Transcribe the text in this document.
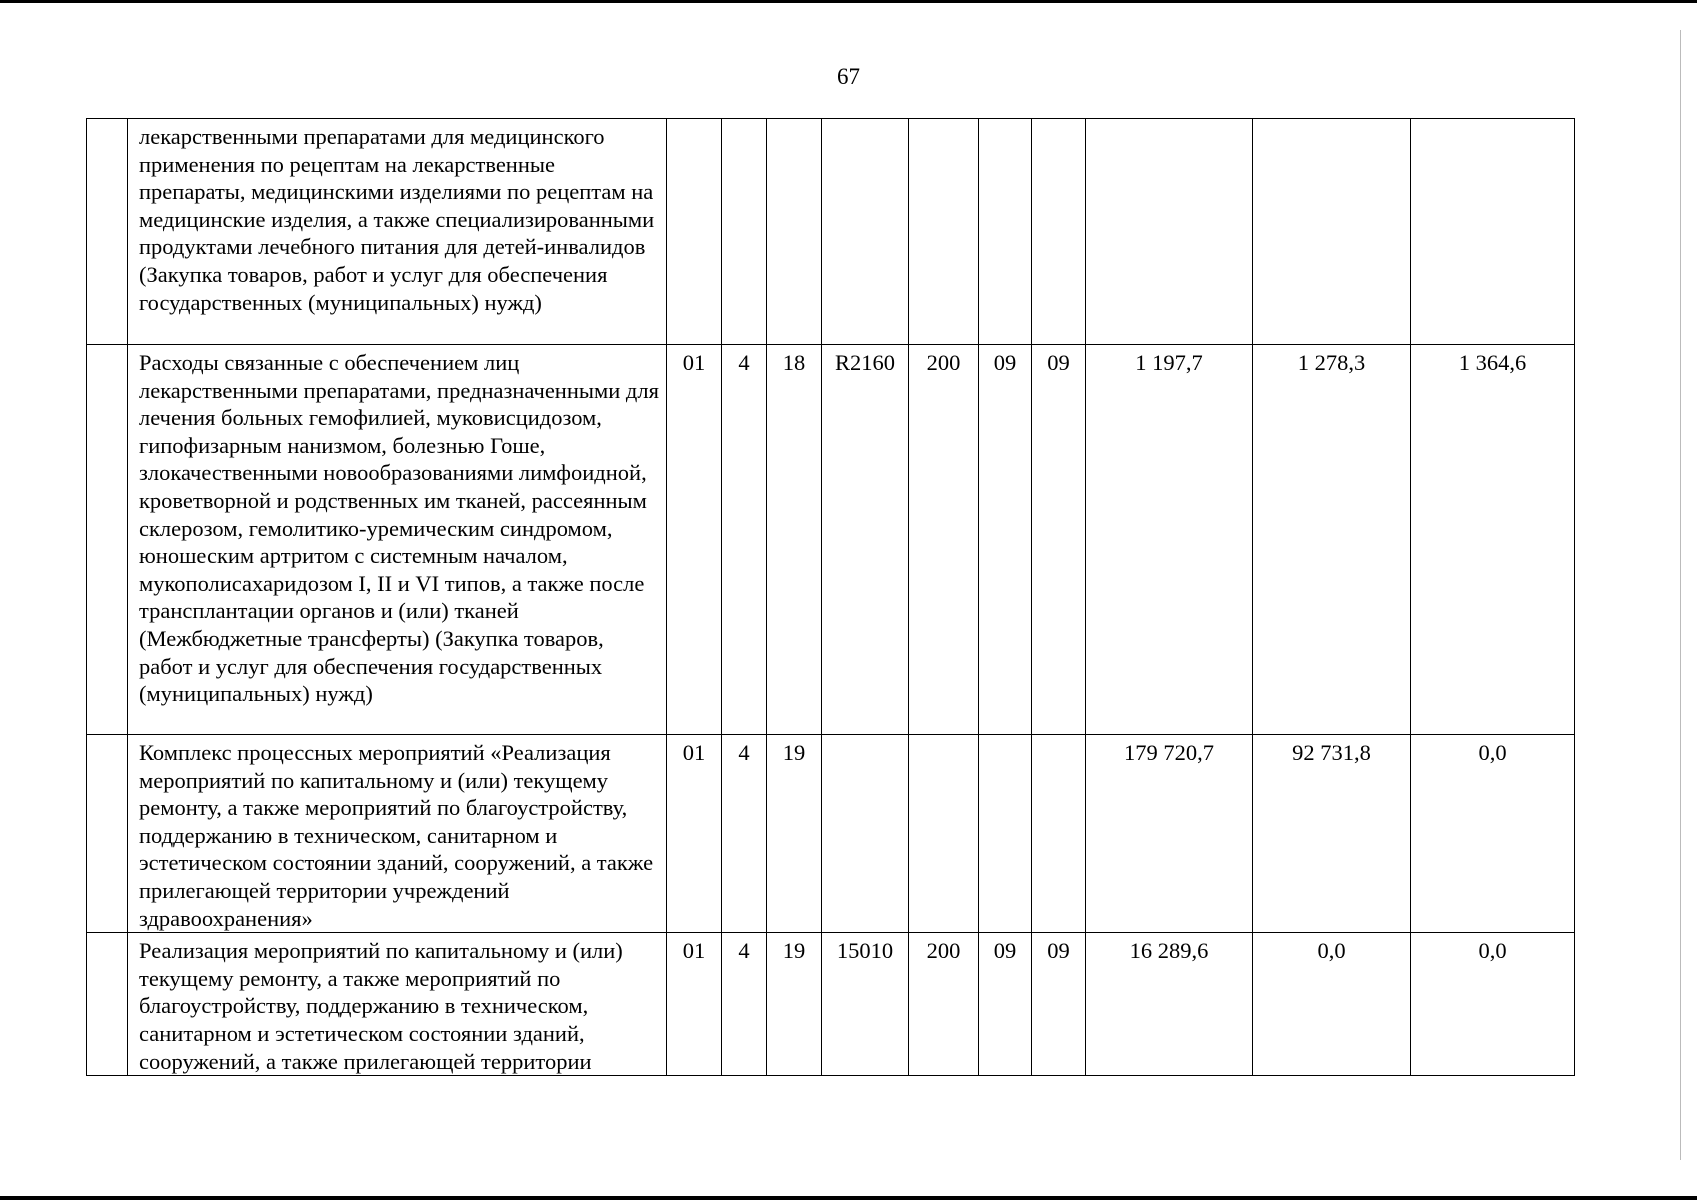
67
	лекарственными препаратами для медицинского применения по рецептам на лекарственные препараты, медицинскими изделиями по рецептам на медицинские изделия, а также специализированными продуктами лечебного питания для детей-инвалидов (Закупка товаров, работ и услуг для обеспечения государственных (муниципальных) нужд)										
	Расходы связанные с обеспечением лиц лекарственными препаратами, предназначенными для лечения больных гемофилией, муковисцидозом, гипофизарным нанизмом, болезнью Гоше, злокачественными новообразованиями лимфоидной, кроветворной и родственных им тканей, рассеянным склерозом, гемолитико-уремическим синдромом, юношеским артритом с системным началом, мукополисахаридозом I, II и VI типов, а также после трансплантации органов и (или) тканей (Межбюджетные трансферты) (Закупка товаров, работ и услуг для обеспечения государственных (муниципальных) нужд)	01	4	18	R2160	200	09	09	1 197,7	1 278,3	1 364,6
	Комплекс процессных мероприятий «Реализация мероприятий по капитальному и (или) текущему ремонту, а также мероприятий по благоустройству, поддержанию в техническом, санитарном и эстетическом состоянии зданий, сооружений, а также прилегающей территории учреждений здравоохранения»	01	4	19					179 720,7	92 731,8	0,0
	Реализация мероприятий по капитальному и (или) текущему ремонту, а также мероприятий по благоустройству, поддержанию в техническом, санитарном и эстетическом состоянии зданий, сооружений, а также прилегающей территории	01	4	19	15010	200	09	09	16 289,6	0,0	0,0
